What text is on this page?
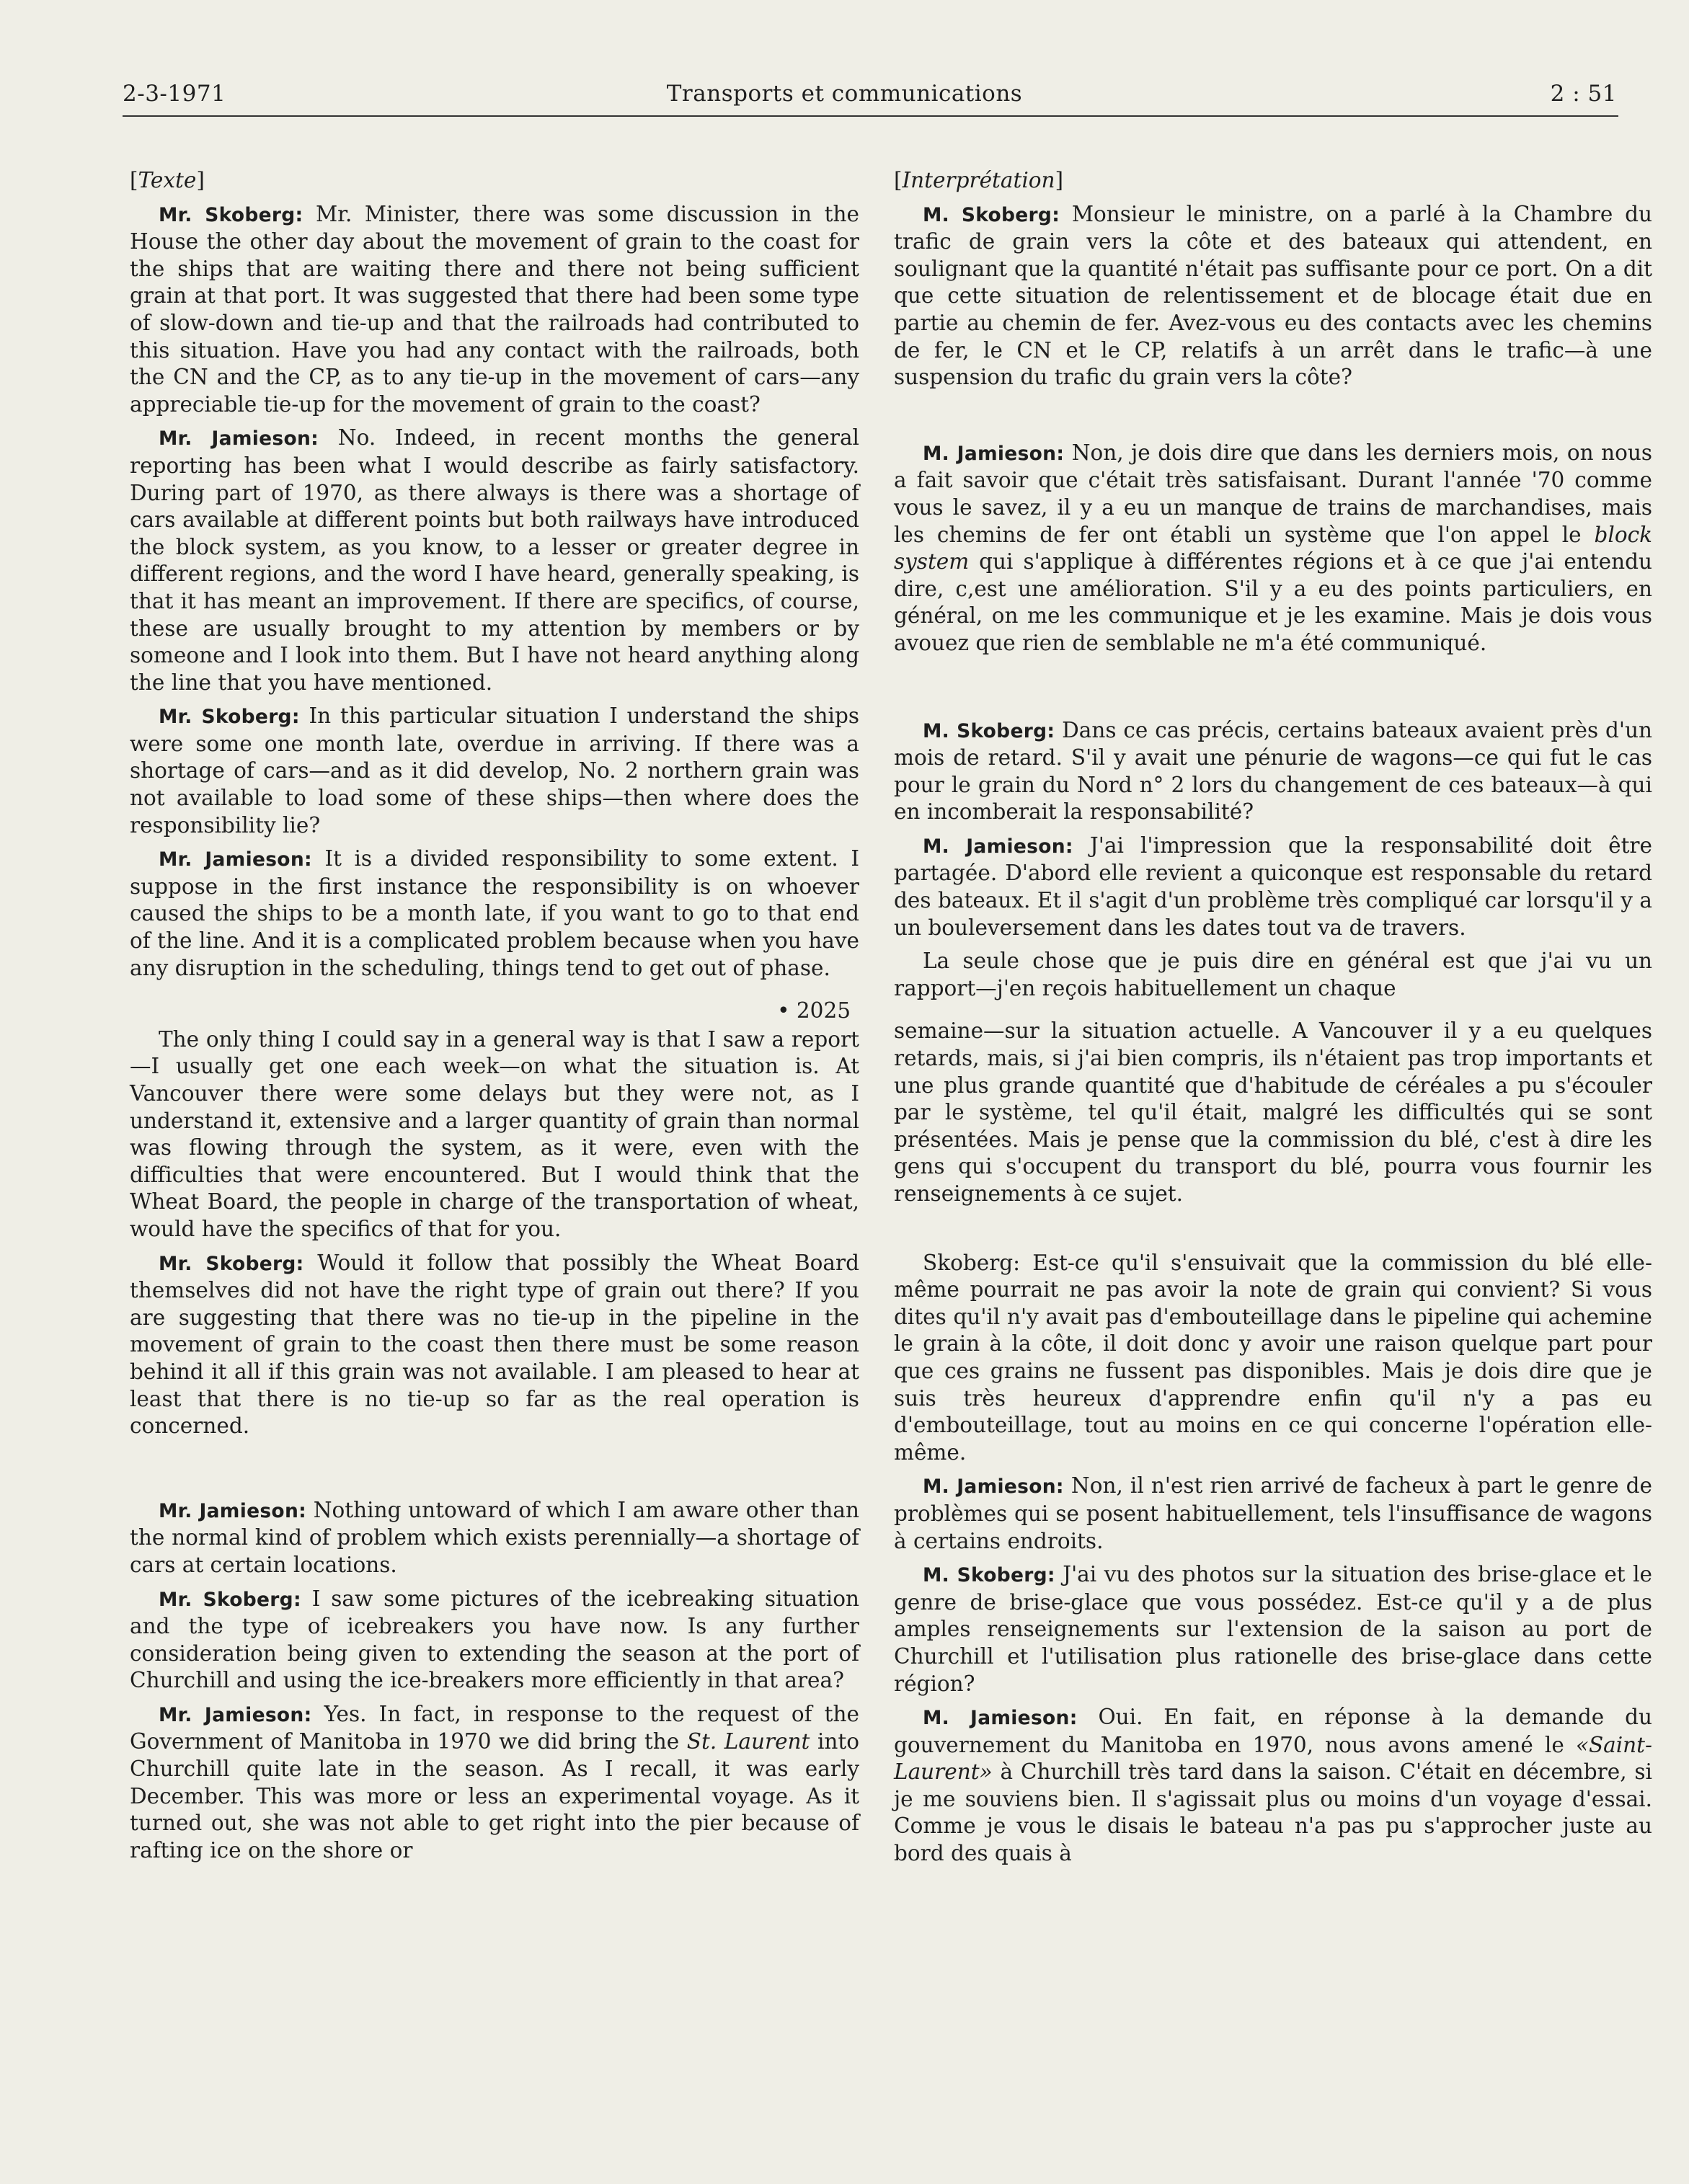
2-3-1971	Transports et communications	2 : 51

[Texte]

Mr. Skoberg: Mr. Minister, there was some discussion in the House the other day about the movement of grain to the coast for the ships that are waiting there and there not being sufficient grain at that port. It was suggested that there had been some type of slow-down and tie-up and that the railroads had contributed to this situation. Have you had any contact with the railroads, both the CN and the CP, as to any tie-up in the movement of cars—any appreciable tie-up for the movement of grain to the coast?

Mr. Jamieson: No. Indeed, in recent months the general reporting has been what I would describe as fairly satisfactory. During part of 1970, as there always is there was a shortage of cars available at different points but both railways have introduced the block system, as you know, to a lesser or greater degree in different regions, and the word I have heard, generally speaking, is that it has meant an improvement. If there are specifics, of course, these are usually brought to my attention by members or by someone and I look into them. But I have not heard anything along the line that you have mentioned.

Mr. Skoberg: In this particular situation I understand the ships were some one month late, overdue in arriving. If there was a shortage of cars—and as it did develop, No. 2 northern grain was not available to load some of these ships—then where does the responsibility lie?

Mr. Jamieson: It is a divided responsibility to some extent. I suppose in the first instance the responsibility is on whoever caused the ships to be a month late, if you want to go to that end of the line. And it is a complicated problem because when you have any disruption in the scheduling, things tend to get out of phase.

• 2025

The only thing I could say in a general way is that I saw a report—I usually get one each week—on what the situation is. At Vancouver there were some delays but they were not, as I understand it, extensive and a larger quantity of grain than normal was flowing through the system, as it were, even with the difficulties that were encountered. But I would think that the Wheat Board, the people in charge of the transportation of wheat, would have the specifics of that for you.

Mr. Skoberg: Would it follow that possibly the Wheat Board themselves did not have the right type of grain out there? If you are suggesting that there was no tie-up in the pipeline in the movement of grain to the coast then there must be some reason behind it all if this grain was not available. I am pleased to hear at least that there is no tie-up so far as the real operation is concerned.

Mr. Jamieson: Nothing untoward of which I am aware other than the normal kind of problem which exists perennially—a shortage of cars at certain locations.

Mr. Skoberg: I saw some pictures of the icebreaking situation and the type of icebreakers you have now. Is any further consideration being given to extending the season at the port of Churchill and using the ice-breakers more efficiently in that area?

Mr. Jamieson: Yes. In fact, in response to the request of the Government of Manitoba in 1970 we did bring the St. Laurent into Churchill quite late in the season. As I recall, it was early December. This was more or less an experimental voyage. As it turned out, she was not able to get right into the pier because of rafting ice on the shore or

[Interprétation]

M. Skoberg: Monsieur le ministre, on a parlé à la Chambre du trafic de grain vers la côte et des bateaux qui attendent, en soulignant que la quantité n'était pas suffisante pour ce port. On a dit que cette situation de relentissement et de blocage était due en partie au chemin de fer. Avez-vous eu des contacts avec les chemins de fer, le CN et le CP, relatifs à un arrêt dans le trafic—à une suspension du trafic du grain vers la côte?

M. Jamieson: Non, je dois dire que dans les derniers mois, on nous a fait savoir que c'était très satisfaisant. Durant l'année '70 comme vous le savez, il y a eu un manque de trains de marchandises, mais les chemins de fer ont établi un système que l'on appel le block system qui s'applique à différentes régions et à ce que j'ai entendu dire, c,est une amélioration. S'il y a eu des points particuliers, en général, on me les communique et je les examine. Mais je dois vous avouez que rien de semblable ne m'a été communiqué.

M. Skoberg: Dans ce cas précis, certains bateaux avaient près d'un mois de retard. S'il y avait une pénurie de wagons—ce qui fut le cas pour le grain du Nord n° 2 lors du changement de ces bateaux—à qui en incomberait la responsabilité?

M. Jamieson: J'ai l'impression que la responsabilité doit être partagée. D'abord elle revient a quiconque est responsable du retard des bateaux. Et il s'agit d'un problème très compliqué car lorsqu'il y a un bouleversement dans les dates tout va de travers.

La seule chose que je puis dire en général est que j'ai vu un rapport—j'en reçois habituellement un chaque

semaine—sur la situation actuelle. A Vancouver il y a eu quelques retards, mais, si j'ai bien compris, ils n'étaient pas trop importants et une plus grande quantité que d'habitude de céréales a pu s'écouler par le système, tel qu'il était, malgré les difficultés qui se sont présentées. Mais je pense que la commission du blé, c'est à dire les gens qui s'occupent du transport du blé, pourra vous fournir les renseignements à ce sujet.

Skoberg: Est-ce qu'il s'ensuivait que la commission du blé elle-même pourrait ne pas avoir la note de grain qui convient? Si vous dites qu'il n'y avait pas d'embouteillage dans le pipeline qui achemine le grain à la côte, il doit donc y avoir une raison quelque part pour que ces grains ne fussent pas disponibles. Mais je dois dire que je suis très heureux d'apprendre enfin qu'il n'y a pas eu d'embouteillage, tout au moins en ce qui concerne l'opération elle-même.

M. Jamieson: Non, il n'est rien arrivé de facheux à part le genre de problèmes qui se posent habituellement, tels l'insuffisance de wagons à certains endroits.

M. Skoberg: J'ai vu des photos sur la situation des brise-glace et le genre de brise-glace que vous possédez. Est-ce qu'il y a de plus amples renseignements sur l'extension de la saison au port de Churchill et l'utilisation plus rationelle des brise-glace dans cette région?

M. Jamieson: Oui. En fait, en réponse à la demande du gouvernement du Manitoba en 1970, nous avons amené le «Saint-Laurent» à Churchill très tard dans la saison. C'était en décembre, si je me souviens bien. Il s'agissait plus ou moins d'un voyage d'essai. Comme je vous le disais le bateau n'a pas pu s'approcher juste au bord des quais à
